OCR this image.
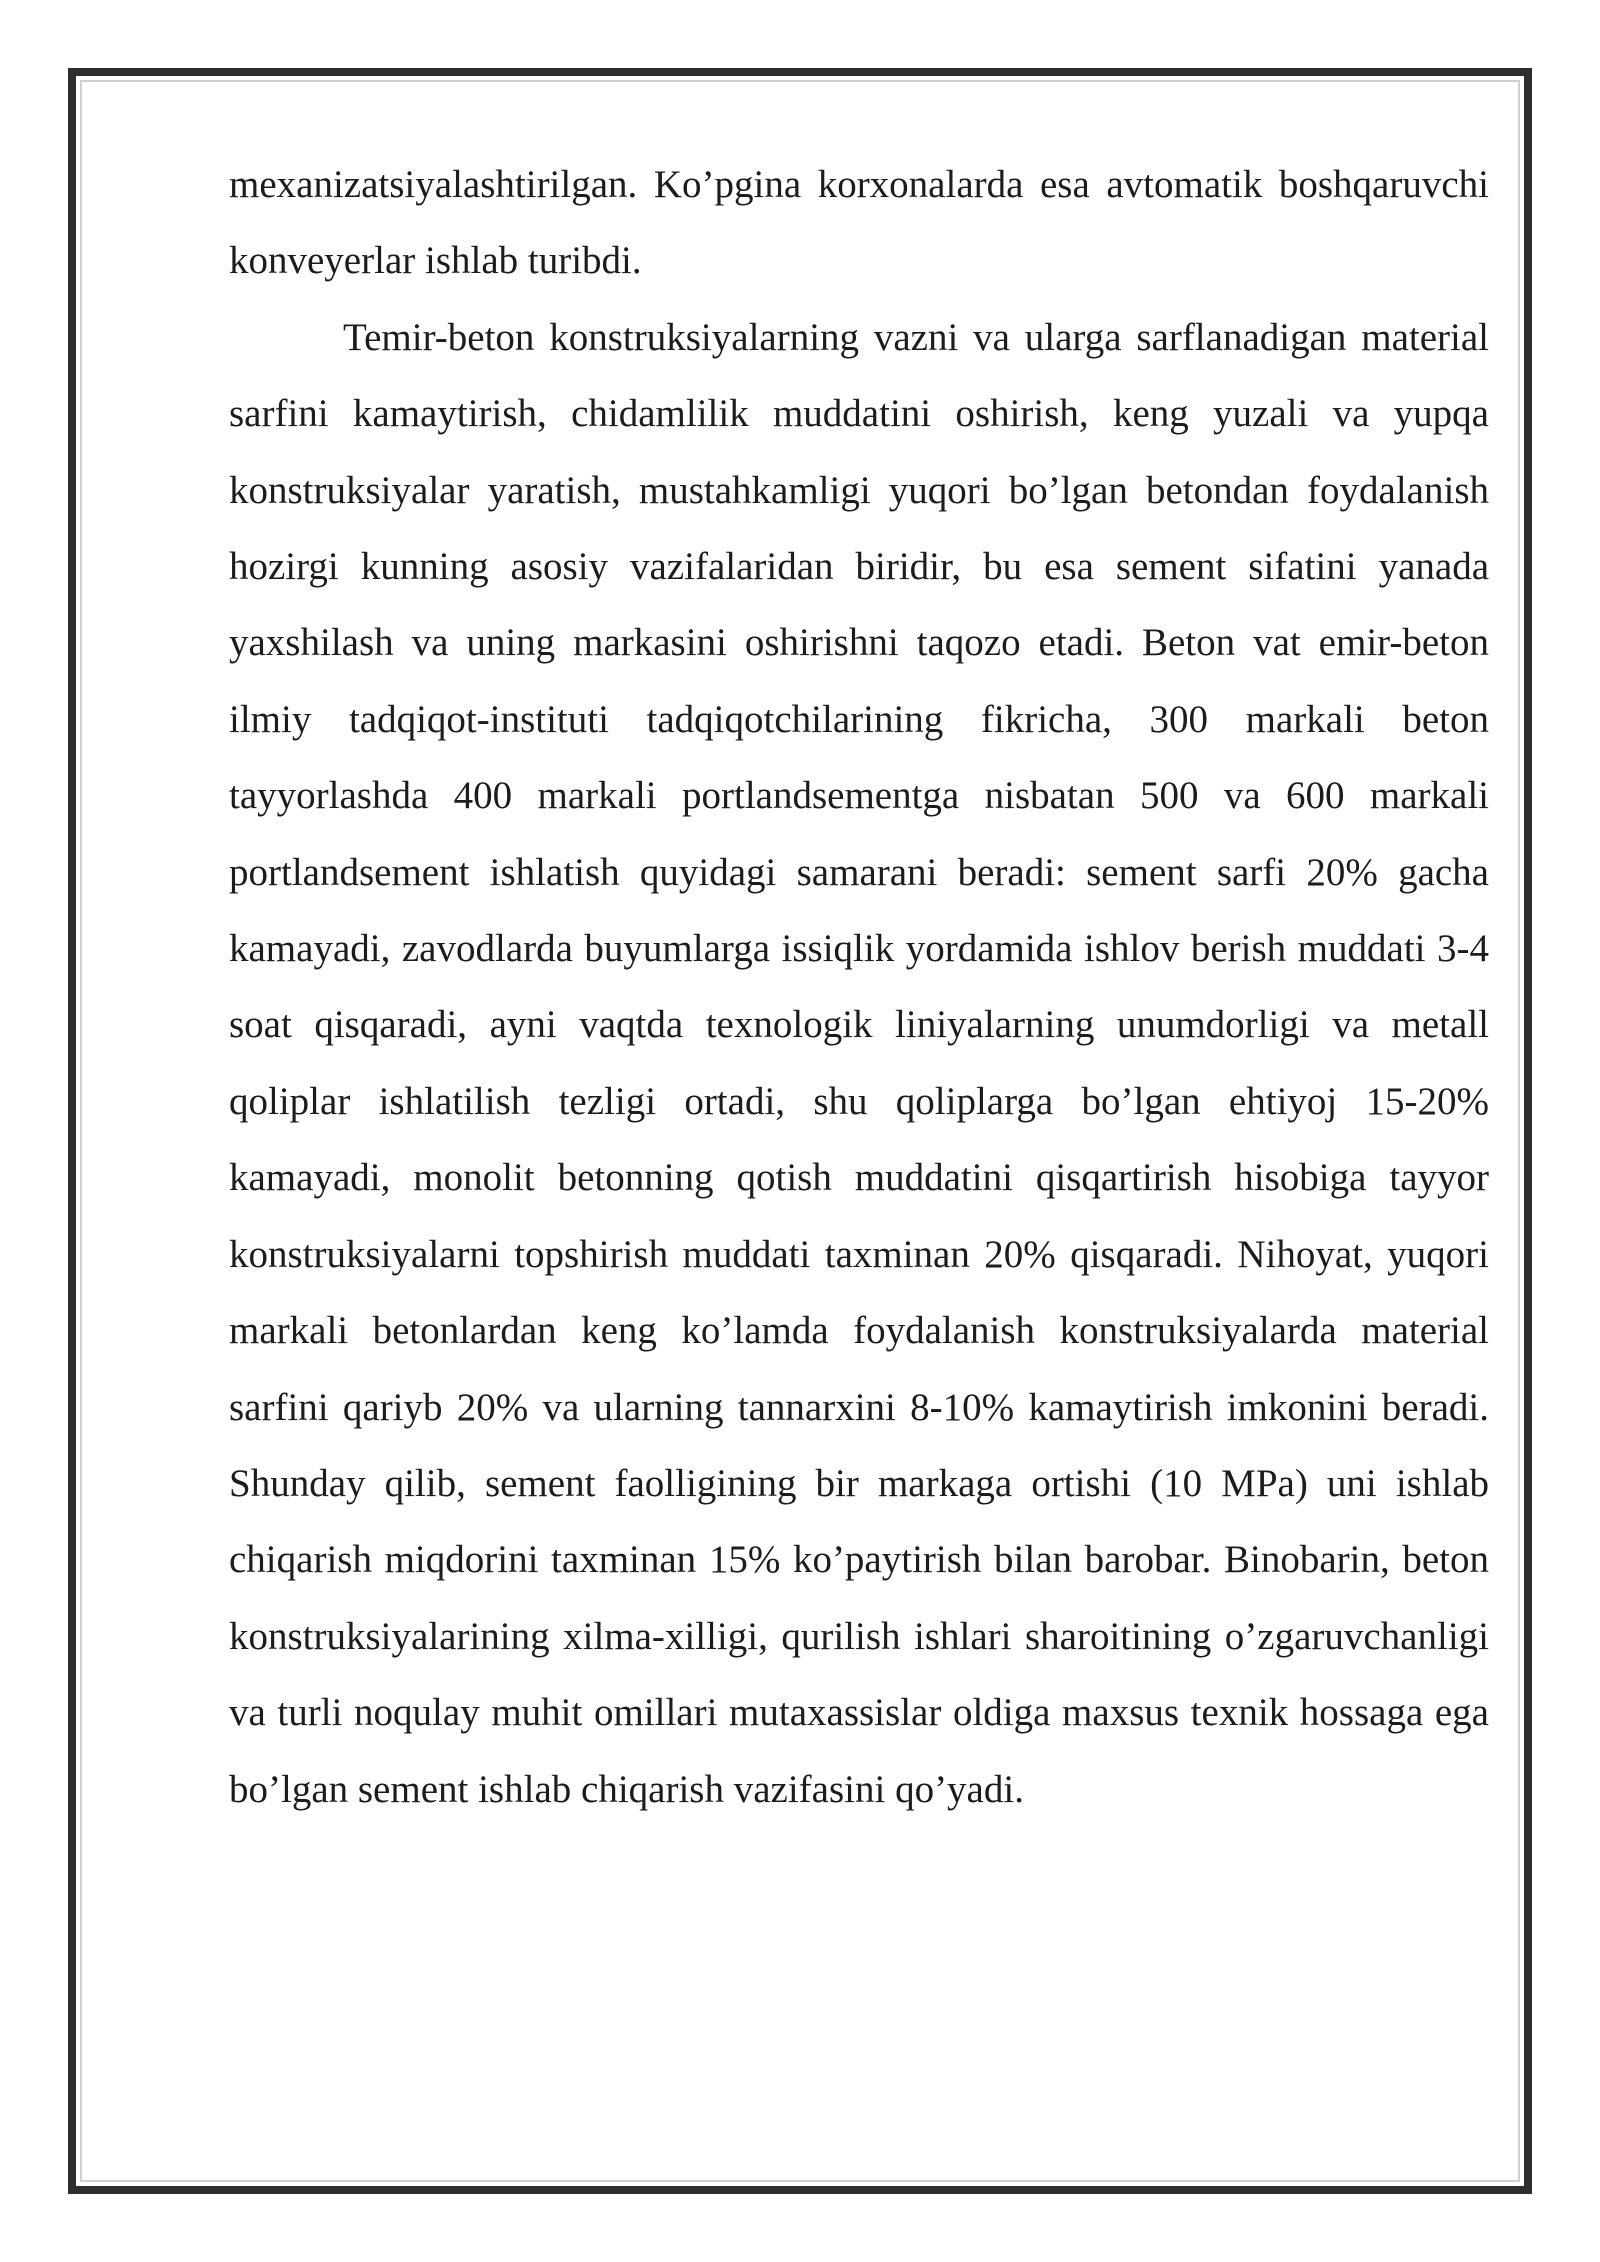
mexanizatsiyalashtirilgan. Ko’pgina korxonalarda esa avtomatik boshqaruvchi konveyerlar ishlab turibdi.

Temir-beton konstruksiyalarning vazni va ularga sarflanadigan material sarfini kamaytirish, chidamlilik muddatini oshirish, keng yuzali va yupqa konstruksiyalar yaratish, mustahkamligi yuqori bo’lgan betondan foydalanish hozirgi kunning asosiy vazifalaridan biridir, bu esa sement sifatini yanada yaxshilash va uning markasini oshirishni taqozo etadi. Beton vat emir-beton ilmiy tadqiqot-instituti tadqiqotchilarining fikricha, 300 markali beton tayyorlashda 400 markali portlandsementga nisbatan 500 va 600 markali portlandsement ishlatish quyidagi samarani beradi: sement sarfi 20% gacha kamayadi, zavodlarda buyumlarga issiqlik yordamida ishlov berish muddati 3-4 soat qisqaradi, ayni vaqtda texnologik liniyalarning unumdorligi va metall qoliplar ishlatilish tezligi ortadi, shu qoliplarga bo’lgan ehtiyoj 15-20% kamayadi, monolit betonning qotish muddatini qisqartirish hisobiga tayyor konstruksiyalarni topshirish muddati taxminan 20% qisqaradi. Nihoyat, yuqori markali betonlardan keng ko’lamda foydalanish konstruksiyalarda material sarfini qariyb 20% va ularning tannarxini 8-10% kamaytirish imkonini beradi. Shunday qilib, sement faolligining bir markaga ortishi (10 MPa) uni ishlab chiqarish miqdorini taxminan 15% ko’paytirish bilan barobar. Binobarin, beton konstruksiyalarining xilma-xilligi, qurilish ishlari sharoitining o’zgaruvchanligi va turli noqulay muhit omillari mutaxassislar oldiga maxsus texnik hossaga ega bo’lgan sement ishlab chiqarish vazifasini qo’yadi.
